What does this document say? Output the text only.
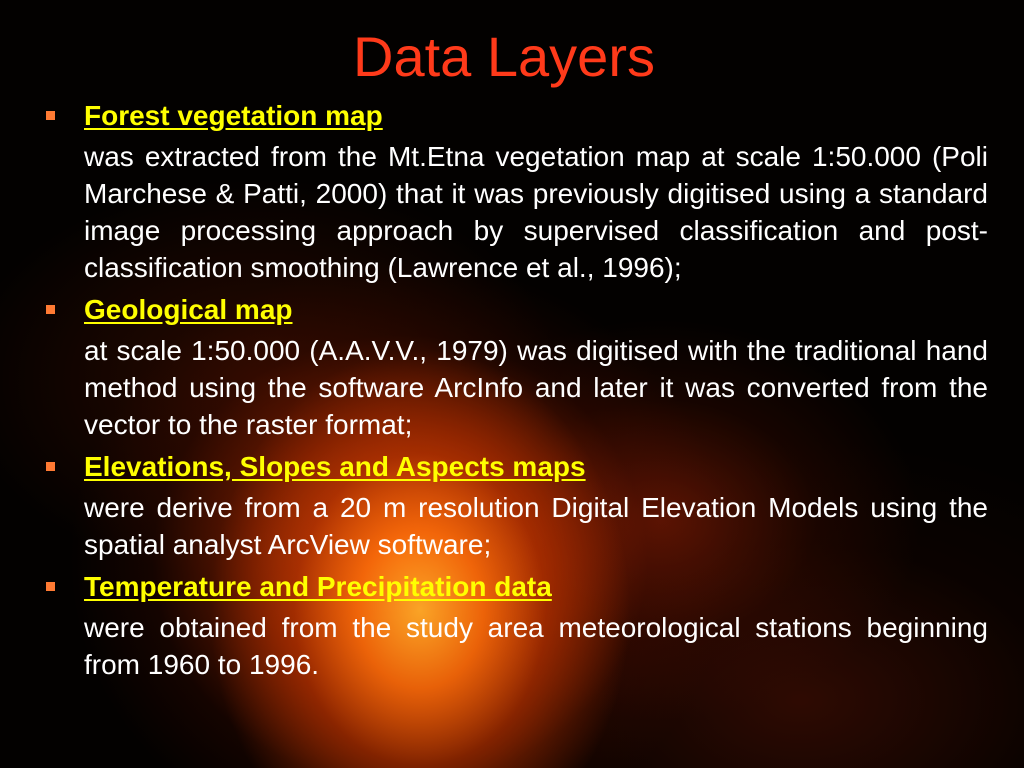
Data Layers
Forest vegetation map

was extracted from the Mt.Etna vegetation map at scale 1:50.000 (Poli Marchese & Patti, 2000) that it was previously digitised using a standard image processing approach by supervised classification and post-classification smoothing (Lawrence et al., 1996);

Geological map

at scale 1:50.000 (A.A.V.V., 1979) was digitised with the traditional hand method using the software ArcInfo and later it was converted from the vector to the raster format;

Elevations, Slopes and Aspects maps

were derive from a 20 m resolution Digital Elevation Models using the spatial analyst ArcView software;

Temperature and Precipitation data

were obtained from the study area meteorological stations beginning from 1960 to 1996.
